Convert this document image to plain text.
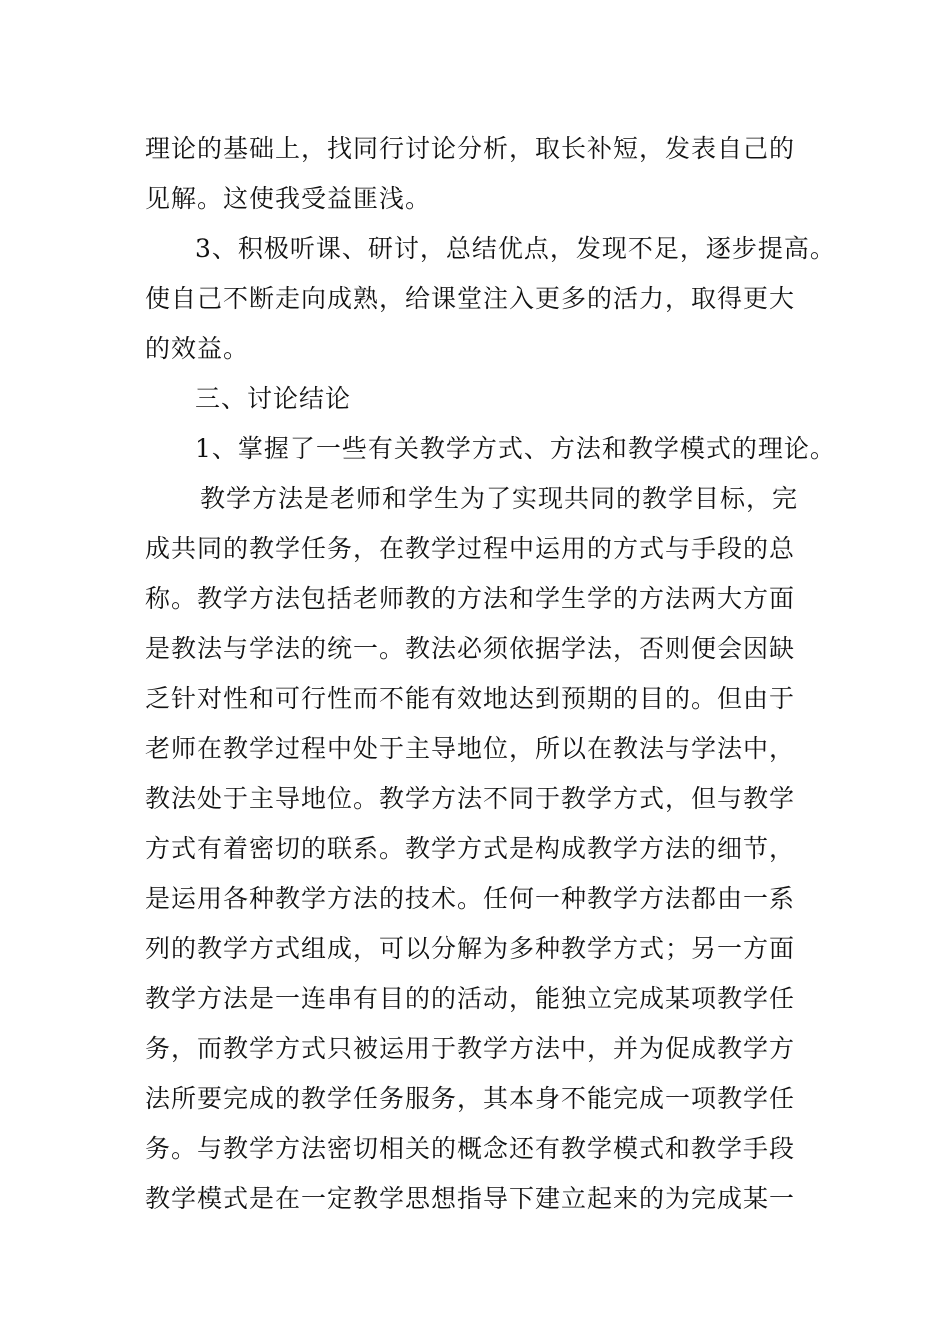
理论的基础上，找同行讨论分析，取长补短，发表自己的
见解。这使我受益匪浅。
3、积极听课、研讨，总结优点，发现不足，逐步提高。
使自己不断走向成熟，给课堂注入更多的活力，取得更大
的效益。
三、讨论结论
1、掌握了一些有关教学方式、方法和教学模式的理论。
教学方法是老师和学生为了实现共同的教学目标，完
成共同的教学任务，在教学过程中运用的方式与手段的总
称。教学方法包括老师教的方法和学生学的方法两大方面
是教法与学法的统一。教法必须依据学法，否则便会因缺
乏针对性和可行性而不能有效地达到预期的目的。但由于
老师在教学过程中处于主导地位，所以在教法与学法中，
教法处于主导地位。教学方法不同于教学方式，但与教学
方式有着密切的联系。教学方式是构成教学方法的细节，
是运用各种教学方法的技术。任何一种教学方法都由一系
列的教学方式组成，可以分解为多种教学方式；另一方面
教学方法是一连串有目的的活动，能独立完成某项教学任
务，而教学方式只被运用于教学方法中，并为促成教学方
法所要完成的教学任务服务，其本身不能完成一项教学任
务。与教学方法密切相关的概念还有教学模式和教学手段
教学模式是在一定教学思想指导下建立起来的为完成某一
